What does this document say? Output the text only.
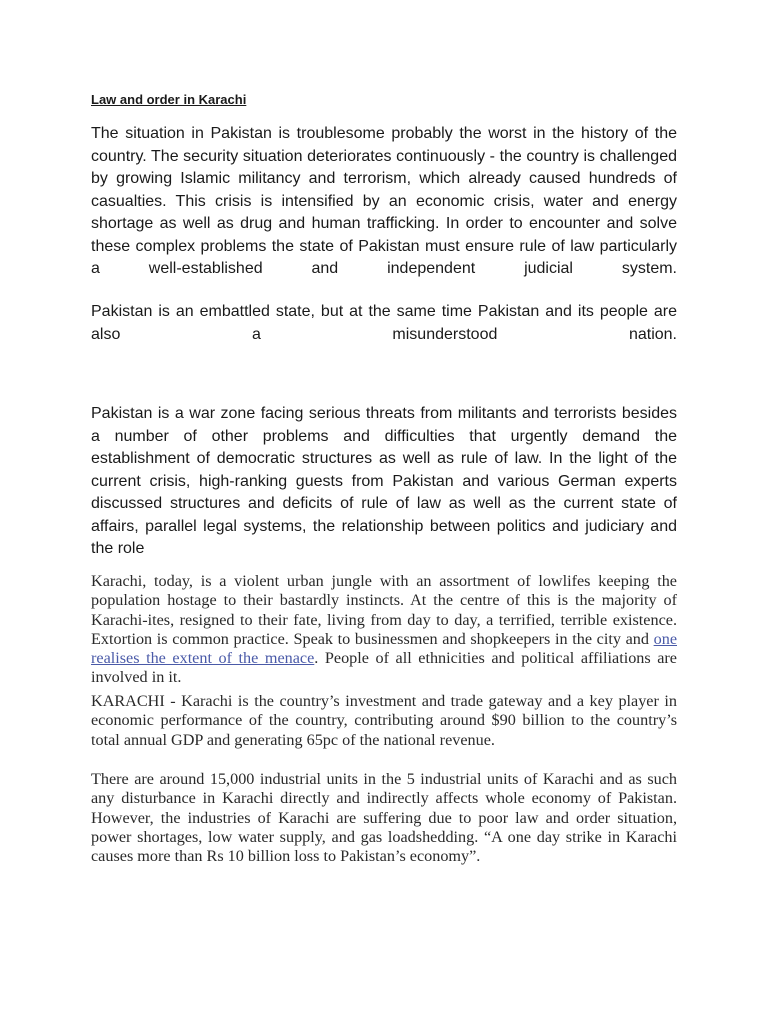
Law and order in Karachi

The situation in Pakistan is troublesome probably the worst in the history of the country. The security situation deteriorates continuously - the country is challenged by growing Islamic militancy and terrorism, which already caused hundreds of casualties. This crisis is intensified by an economic crisis, water and energy shortage as well as drug and human trafficking. In order to encounter and solve these complex problems the state of Pakistan must ensure rule of law particularly a well-established and independent judicial system.

Pakistan is an embattled state, but at the same time Pakistan and its people are also a misunderstood nation.

Pakistan is a war zone facing serious threats from militants and terrorists besides a number of other problems and difficulties that urgently demand the establishment of democratic structures as well as rule of law. In the light of the current crisis, high-ranking guests from Pakistan and various German experts discussed structures and deficits of rule of law as well as the current state of affairs, parallel legal systems, the relationship between politics and judiciary and the role

Karachi, today, is a violent urban jungle with an assortment of lowlifes keeping the population hostage to their bastardly instincts. At the centre of this is the majority of Karachi-ites, resigned to their fate, living from day to day, a terrified, terrible existence. Extortion is common practice. Speak to businessmen and shopkeepers in the city and one realises the extent of the menace. People of all ethnicities and political affiliations are involved in it.

KARACHI - Karachi is the country’s investment and trade gateway and a key player in economic performance of the country, contributing around $90 billion to the country’s total annual GDP and generating 65pc of the national revenue.

There are around 15,000 industrial units in the 5 industrial units of Karachi and as such any disturbance in Karachi directly and indirectly affects whole economy of Pakistan. However, the industries of Karachi are suffering due to poor law and order situation, power shortages, low water supply, and gas loadshedding. “A one day strike in Karachi causes more than Rs 10 billion loss to Pakistan’s economy”.
